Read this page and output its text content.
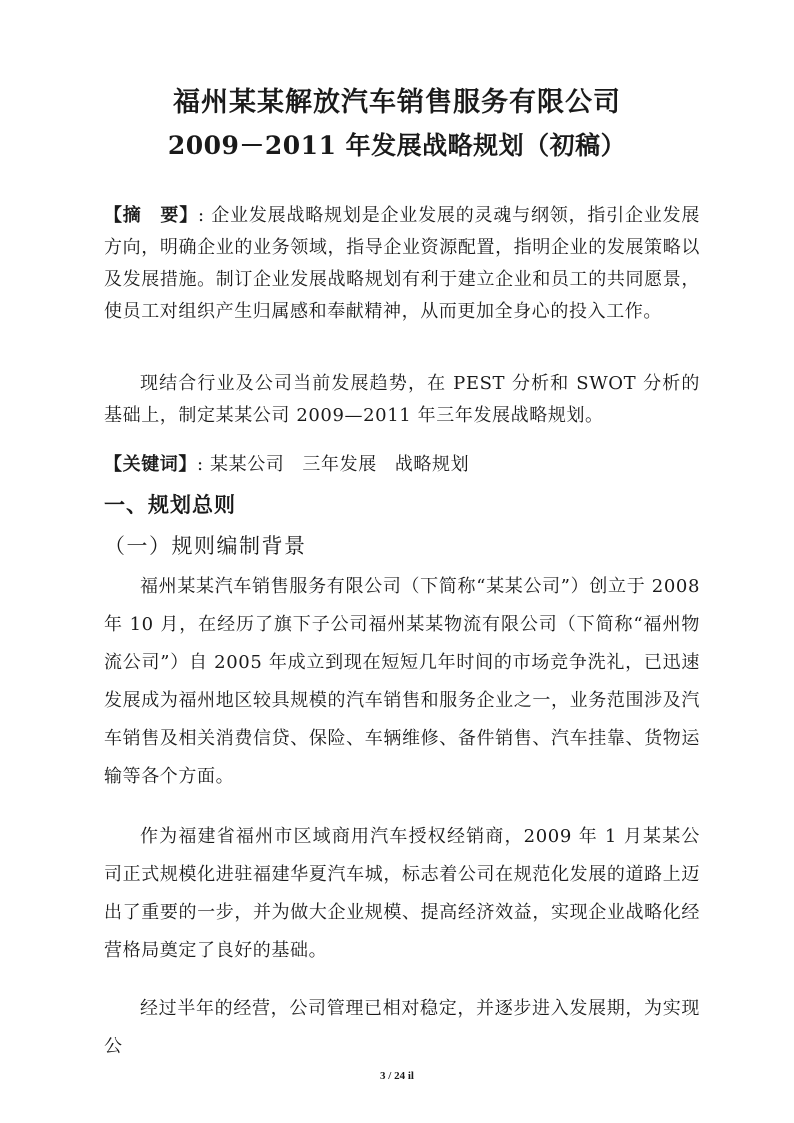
福州某某解放汽车销售服务有限公司
2009－2011 年发展战略规划（初稿）
【摘　要】: 企业发展战略规划是企业发展的灵魂与纲领，指引企业发展方向，明确企业的业务领域，指导企业资源配置，指明企业的发展策略以及发展措施。制订企业发展战略规划有利于建立企业和员工的共同愿景，使员工对组织产生归属感和奉献精神，从而更加全身心的投入工作。
现结合行业及公司当前发展趋势，在 PEST 分析和 SWOT 分析的基础上，制定某某公司 2009—2011 年三年发展战略规划。
【关键词】: 某某公司 三年发展 战略规划
一、规划总则
（一）规则编制背景
福州某某汽车销售服务有限公司（下简称“某某公司”）创立于 2008 年 10 月，在经历了旗下子公司福州某某物流有限公司（下简称“福州物流公司”）自 2005 年成立到现在短短几年时间的市场竞争洗礼，已迅速发展成为福州地区较具规模的汽车销售和服务企业之一，业务范围涉及汽车销售及相关消费信贷、保险、车辆维修、备件销售、汽车挂靠、货物运输等各个方面。
作为福建省福州市区域商用汽车授权经销商，2009 年 1 月某某公司正式规模化进驻福建华夏汽车城，标志着公司在规范化发展的道路上迈出了重要的一步，并为做大企业规模、提高经济效益，实现企业战略化经营格局奠定了良好的基础。
经过半年的经营，公司管理已相对稳定，并逐步进入发展期，为实现公
3 / 24 il
